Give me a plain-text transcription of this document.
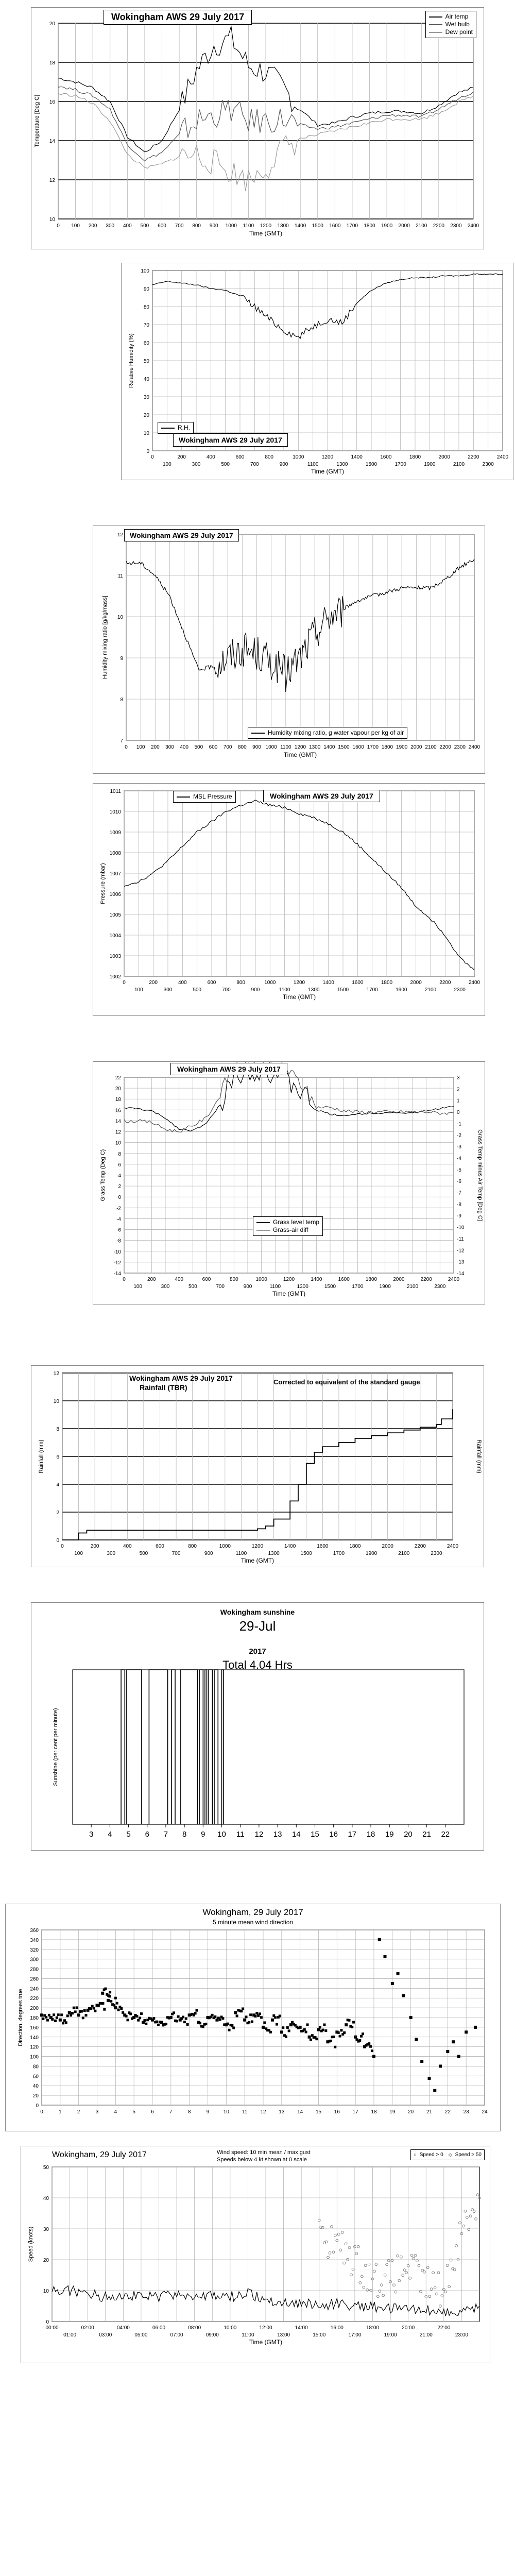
10
12
14
16
18
20
0 100 200 300 400 500 600 700 800 900 1000 1100 1200 1300 1400 1500 1600 1700 1800 1900 2000 2100 2200 2300 2400
Time (GMT)
Temperature [Deg C]
Wokingham AWS 29 July 2017	Air temp
Wet bulb
Dew point
0
10
20
30
40
50
60
70
80
90
100
0	200	400	600	800	1000	1200	1400	1600	1800	2000	2200	2400
100	300	500	700	900	1100	1300	1500	1700	1900	2100	2300
Time (GMT)
Relative Humidity (%)
Wokingham AWS 29 July 2017
R.H.
7
8
9
10
11
12
0 100 200 300 400 500 600 700 800 900 1000 1100 1200 1300 1400 1500 1600 1700 1800 1900 2000 2100 2200 2300 2400
Time (GMT)
Humidity mixing ratio [g/kg/mass]
Wokingham AWS 29 July 2017
Humidity mixing ratio, g water vapour per kg of air
1002
1003
1004
1005
1006
1007
1008
1009
1010
1011
0	200	400	600	800	1000	1200	1400	1600	1800	2000	2200	2400
100	300	500	700	900	1100	1300	1500	1700	1900	2100	2300
Time (GMT)
Pressure (mbar)
MSL Pressure	Wokingham AWS 29 July 2017
-14
-12
-10
-8
-6
-4
-2
0
2
4
6
8
10
12
14
16
18
20
22
-14
-13
-12
-11
-10
-9
-8
-7
-6
-5
-4
-3
-2
-1
0
1
2
3
Grass Temp minus Air Temp [Deg C]
0	200	400	600	800	1000	1200	1400	1600	1800	2000	2200	2400
100	300	500	700	900	1100	1300	1500	1700	1900	2100	2300
Time (GMT)
Grass Temp (Deg C)
Wokingham AWS 29 July 2017
Grass level temp
Grass-air diff
0
2
4
6
8
10
12
Rainfall (mm)
0	200	400	600	800	1000	1200	1400	1600	1800	2000	2200	2400
100	300	500	700	900	1100	1300	1500	1700	1900	2100	2300
Time (GMT)
Rainfall (mm)
Wokingham AWS 29 July 2017
Rainfall (TBR)
Corrected to equivalent of the standard gauge
3 4 5 6 7 8 9 10 11 12 13 14 15 16 17 18 19 20 21 22
Sunshine (per cent per minute)
Wokingham sunshine
29-Jul
2017
Total 4.04 Hrs
0
20
40
60
80
100
120
140
160
180
200
220
240
260
280
300
320
340
360
0	1	2	3	4	5	6	7	8	9	10	11	12 13 14 15 16 17 18 19 20 21 22 23 24
Direction, degrees true
Wokingham, 29 July 2017
5 minute mean wind direction
0
10
20
30
40
50
00:00	02:00	04:00	06:00	08:00	10:00	12:00	14:00	16:00	18:00	20:00	22:00
01:00	03:00	05:00	07:00	09:00	11:00	13:00	15:00	17:00	19:00	21:00	23:00
Time (GMT)
Speed (knots)
Wokingham, 29 July 2017	Wind speed: 10 min mean / max gust
Speeds below 4 kt shown at 0 scale
○ Speed > 0 ◇ Speed > 50
